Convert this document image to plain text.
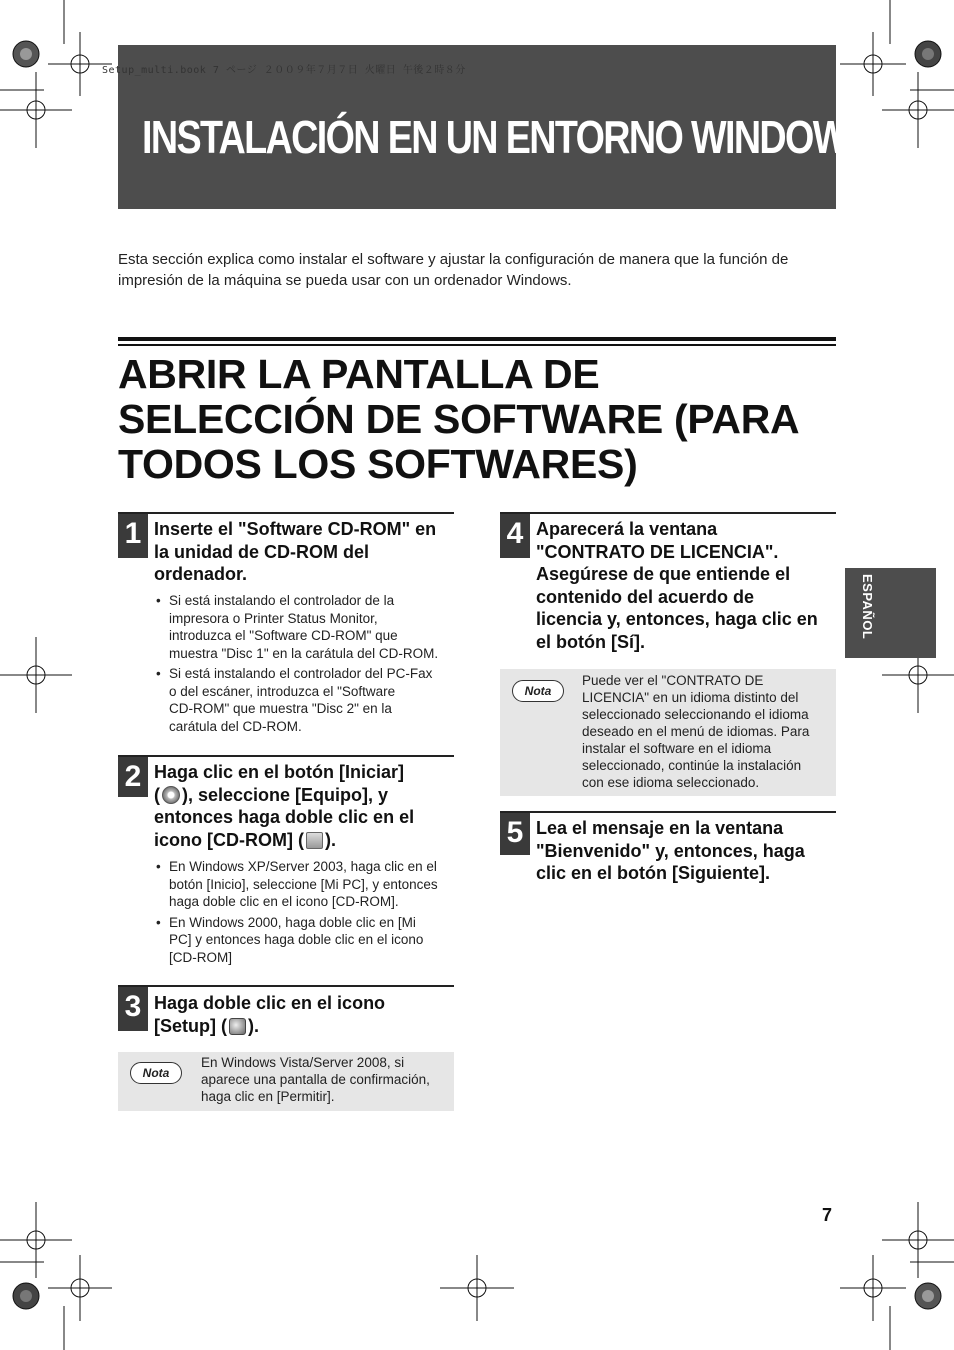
Setup_multi.book 7 ページ ２００９年７月７日 火曜日 午後２時８分
INSTALACIÓN EN UN ENTORNO WINDOWS
Esta sección explica como instalar el software y ajustar la configuración de manera que la función de
impresión de la máquina se pueda usar con un ordenador Windows.
ABRIR LA PANTALLA DE
SELECCIÓN DE SOFTWARE (PARA
TODOS LOS SOFTWARES)
1 Inserte el "Software CD-ROM" en
la unidad de CD-ROM del
ordenador.
• Si está instalando el controlador de la
impresora o Printer Status Monitor,
introduzca el "Software CD-ROM" que
muestra "Disc 1" en la carátula del CD-ROM.
• Si está instalando el controlador del PC-Fax
o del escáner, introduzca el "Software
CD-ROM" que muestra "Disc 2" en la
carátula del CD-ROM.
2 Haga clic en el botón [Iniciar]
( ), seleccione [Equipo], y
entonces haga doble clic en el
icono [CD-ROM] ( ).
• En Windows XP/Server 2003, haga clic en el
botón [Inicio], seleccione [Mi PC], y entonces
haga doble clic en el icono [CD-ROM].
• En Windows 2000, haga doble clic en [Mi
PC] y entonces haga doble clic en el icono
[CD-ROM]
3 Haga doble clic en el icono
[Setup] ( ).
Nota
En Windows Vista/Server 2008, si
aparece una pantalla de confirmación,
haga clic en [Permitir].
4 Aparecerá la ventana
"CONTRATO DE LICENCIA".
Asegúrese de que entiende el
contenido del acuerdo de
licencia y, entonces, haga clic en
el botón [Sí].
Nota
Puede ver el "CONTRATO DE
LICENCIA" en un idioma distinto del
seleccionado seleccionando el idioma
deseado en el menú de idiomas. Para
instalar el software en el idioma
seleccionado, continúe la instalación
con ese idioma seleccionado.
5 Lea el mensaje en la ventana
"Bienvenido" y, entonces, haga
clic en el botón [Siguiente].
ESPAÑOL
7
